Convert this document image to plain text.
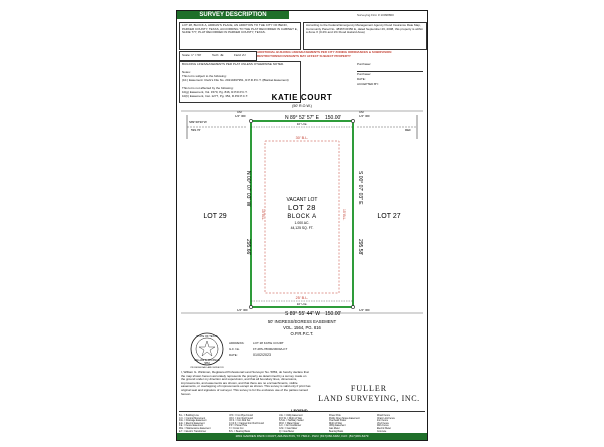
SURVEY DESCRIPTION	Surveying Firm # 10098800
LOT 28, BLOCK A, ADRIAN'S PLACE, AN ADDITION TO THE CITY OF BENO, PARKER COUNTY, TEXAS, ACCORDING TO THE PLAT RECORDED IN CABINET E, SLIDE 777, PLAT RECORDED IN PARKER COUNTY, TEXAS.
According to the Federal Emergency Management Agency Flood Insurance Rate Map, Community Panel No. 48367C0350 E, dated September 26, 2008, this property is within a Zone X (0.2% and 1% Flood Hazard Area)
Scale: 1" = 50'	Tech: JE	Field: ZJ
ADDITIONAL BUILDING LINES/EASEMENTS PER CITY ZONING ORDINANCES & SUBDIVISION RESTRICTIONS/COVENANTS MAY AFFECT SUBJECT PROPERTY
BUILDING LINES/EASEMENTS PER PLAT UNLESS OTHERWISE NOTED.
Notes:
This lot is subject to the following:
(10.) Easement: Clerk's File No. 20210497951, R.P.R.P.C.T. (Blanket Easement)
This lot is not affected by the following:
10(g) Easement, Vol. 1570, Pg. 846, R.P.R.P.C.T.
10(h) Easement, Inst. 1277, Pg. 354, R.P.R.P.C.T.
Purchaser
Purchaser
DATE:
ACCEPTED BY:
KATIE COURT
(50' R.O.W.)
N 89° 52' 57" E 150.00'
S 89° 55' 44" W 150.00'
N 00° 07' 03" W
295.66'
S 00° 07' 03" E
295.58'
30' B.L.
25' B.L.
10' U.E.
10' U.E.
15' B.L.	15' B.L.
VACANT LOT
LOT 28
BLOCK A
1.000 AC.
44,125 SQ. FT.
LOT 29	LOT 27
CM
1/2" IRF
CM
1/2" IRF
1/2" IRF	1/2" IRF
S89°48'30"W
599.76'	REF
50' INGRESS/EGRESS EASEMENT
VOL. 1564, PG. 816
O.P.R.P.C.T.
STATE OF TEXAS
WILLIAM G. WICKMAN
5863
PROFESSIONAL LAND SURVEYOR
ADDRESS:	LOT 28 KATIE COURT
G.F. No.	FT-28S-7800023000A-KT
DATE:	01/02/2023
I, William G. Wickman, Registered Professional Land Surveyor No. 5863, do hereby declare that the map shown hereon accurately represents the property as determined by a survey made on the ground under my direction and supervision, and that all boundary lines, dimensions, improvements, and easements are shown, and that there are no encroachments, visible easements, or overlapping of improvements except as shown. This survey is valid only if print has original seal and signature of surveyor. This survey is for the exclusive use of the parties named hereon.
FULLER
LAND SURVEYING, INC.
LEGEND
B.L. = Building Line
C.C. = Control Monument
D.E. = Drainage Easement
E.E. = Electric Easement
F.E. = Fence Easement
M.E. = Maintenance Easement
E.T. = Electric Transformer
I.P.F. = Iron Pipe Found
I.R.F. = Iron Rod Found
I.R.S. = Iron Rod Set
C.I.R.F. = Capped Iron Rod Found
P.P. = Power Pole
X = Cross Cut
B.S. = Bearing Basis
U.E. = Utility Easement
R.O.W. = Right of Way
S.S.E. = Sanitary Sewer
W.M. = Water Meter
A.C. = Air Conditioner
G.M. = Gas Meter
Q = Gas Meter
Power Pole
Public Open Space Easement
Overhead Power
Right of Way
Utility Easement
Gas Meter
Bearing Basis
Wood Fence
Chain Link Fence
Iron Fence
Vinyl Fence
Wire Fence
Electric Meter
Concrete
2801 GARDEN PARK COURT, ARLINGTON, TX 76013 - PHN: (817)366-6482, FAX: (817)366-6479
